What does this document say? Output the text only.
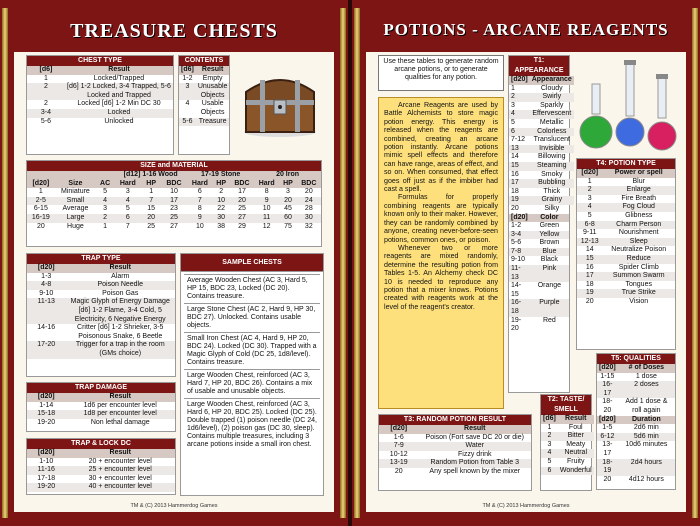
TREASURE CHESTS
CHEST TYPE
[d6]	Result
1	Locked/Trapped
2	[d6] 1-2 Locked, 3-4 Trapped, 5-6 Locked and Trapped
2	Locked [d6] 1-2 Min DC 30
3-4	Locked
5-6	Unlocked
CONTENTS
[d6]	Result
1-2	Empty
3	Unusable Objects
4	Usable Objects
5-6	Treasure
SIZE and MATERIAL
			[d12] 1-16 Wood			17-19 Stone			20 Iron		
[d20]	Size	AC	Hard	HP	BDC	Hard	HP	BDC	Hard	HP	BDC
1	Miniature	5	3	1	10	6	2	17	8	3	20
2-5	Small	4	4	7	17	7	10	20	9	20	24
6-15	Average	3	5	15	23	8	22	25	10	45	28
16-19	Large	2	6	20	25	9	30	27	11	60	30
20	Huge	1	7	25	27	10	38	29	12	75	32
TRAP TYPE
[d20]	Result
1-3	Alarm
4-8	Poison Needle
9-10	Poison Gas
11-13	Magic Glyph of Energy Damage [d6] 1-2 Flame, 3-4 Cold, 5 Electricity, 6 Negative Energy
14-16	Critter [d6] 1-2 Shrieker, 3-5 Poisonous Snake, 6 Beetle
17-20	Trigger for a trap in the room (GMs choice)
TRAP DAMAGE
[d20]	Result
1-14	1d6 per encounter level
15-18	1d8 per encounter level
19-20	Non lethal damage
TRAP & LOCK DC
[d20]	Result
1-10	20 + encounter level
11-16	25 + encounter level
17-18	30 + encounter level
19-20	40 + encounter level
SAMPLE CHESTS
Average Wooden Chest (AC 3, Hard 5, HP 15, BDC 23, Locked (DC 20). Contains treasure.
Large Stone Chest (AC 2, Hard 9, HP 30, BDC 27). Unlocked. Contains usable objects.
Small Iron Chest (AC 4, Hard 9, HP 20, BDC 24). Locked (DC 30). Trapped with a Magic Glyph of Cold (DC 25, 1d8/level). Contains treasure.
Large Wooden Chest, reinforced (AC 3, Hard 7, HP 20, BDC 26). Contains a mix of usable and unusable objects.
Large Wooden Chest, reinforced (AC 3, Hard 6, HP 20, BDC 25). Locked (DC 25). Double trapped (1) poison needle (DC 24, 1d6/level), (2) poison gas (DC 30, sleep). Contains multiple treasures, including 3 arcane potions inside a small iron chest.
TM & (C) 2013 Hammerdog Games
POTIONS - ARCANE REAGENTS
Use these tables to generate random arcane potions, or to generate qualities for any potion.

Arcane Reagents are used by Battle Alchemists to store magic potion energy. This energy is released when the reagents are combined, creating an arcane potion instantly. Arcane potions mimic spell effects and therefore can have range, areas of effect, and so on. When consumed, that effect goes off just as if the imbiber had cast a spell.

Formulas for properly combining reagents are typically known only to their maker. However, they can be randomly combined by anyone, creating never-before-seen potions, common ones, or poison.

Whenever two or more reagents are mixed randomly, determine the resulting potion from Tables 1-5. An Alchemy check DC 10 is needed to reproduce any potion that a mixer knows. Potions created with reagents work at the level of the reagent's creator.

T1: APPEARANCE
[d20]	Appearance
1	Cloudy
2	Swirly
3	Sparkly
4	Effervescent
5	Metallic
6	Colorless
7-12	Translucent
13	Invisible
14	Billowing
15	Steaming
16	Smoky
17	Bubbling
18	Thick
19	Grainy
20	Silky
[d20]	Color
1-2	Green
3-4	Yellow
5-6	Brown
7-8	Blue
9-10	Black
11-13	Pink
14-15	Orange
16-18	Purple
19-20	Red
T4: POTION TYPE
[d20]	Power or spell
1	Blur
2	Enlarge
3	Fire Breath
4	Fog Cloud
5	Glibness
6-8	Charm Person
9-11	Nourishment
12-13	Sleep
14	Neutralize Poison
15	Reduce
16	Spider Climb
17	Summon Swarm
18	Tongues
19	True Strike
20	Vision
T5: QUALITIES
[d20]	# of Doses
1-15	1 dose
16-17	2 doses
18-20	Add 1 dose & roll again
[d20]	Duration
1-5	2d6 min
6-12	5d6 min
13-17	10d6 minutes
18-19	2d4 hours
20	4d12 hours
T3: RANDOM POTION RESULT
[d20]	Result
1-6	Poison (Fort save DC 20 or die)
7-9	Water
10-12	Fizzy drink
13-19	Random Potion from Table 3
20	Any spell known by the mixer
T2: TASTE/ SMELL
[d6]	Result
1	Foul
2	Bitter
3	Meaty
4	Neutral
5	Fruity
6	Wonderful
TM & (C) 2013 Hammerdog Games
